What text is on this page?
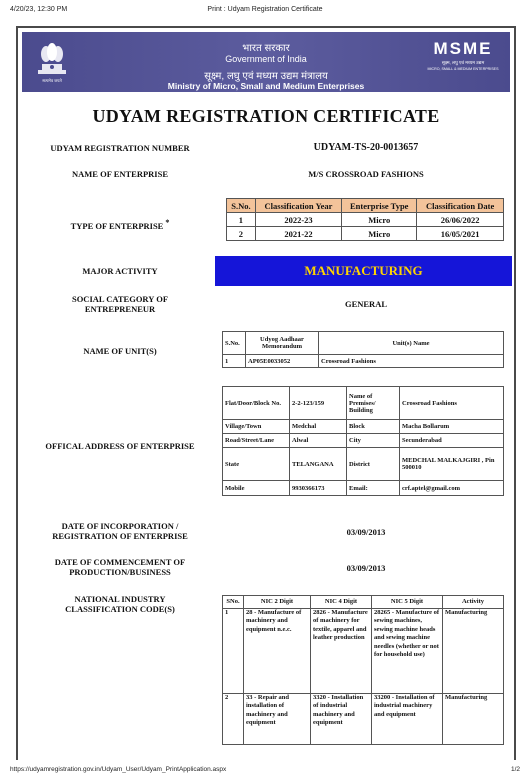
4/20/23, 12:30 PM	Print : Udyam Registration Certificate
सत्यमेव जयते
भारत सरकार
Government of India
सूक्ष्म, लघु एवं मध्यम उद्यम मंत्रालय
Ministry of Micro, Small and Medium Enterprises
MSME
सूक्ष्म, लघु एवं मध्यम उद्यम
MICRO, SMALL & MEDIUM ENTERPRISES
UDYAM REGISTRATION CERTIFICATE
UDYAM REGISTRATION NUMBER	UDYAM-TS-20-0013657
NAME OF ENTERPRISE	M/S CROSSROAD FASHIONS
TYPE OF ENTERPRISE *
S.No.	Classification Year	Enterprise Type	Classification Date
1	2022-23	Micro	26/06/2022
2	2021-22	Micro	16/05/2021
MAJOR ACTIVITY	MANUFACTURING
SOCIAL CATEGORY OF
ENTREPRENEUR	GENERAL
NAME OF UNIT(S)
S.No.	Udyog Aadhaar Memorandum	Unit(s) Name
1	AP05E0033052	Crossroad Fashions
OFFICAL ADDRESS OF ENTERPRISE
Flat/Door/Block No.	2-2-123/159	Name of Premises/ Building	Crossroad Fashions
Village/Town	Medchal	Block	Macha Bollarum
Road/Street/Lane	Alwal	City	Secunderabad
State	TELANGANA	District	MEDCHAL MALKAJGIRI , Pin 500010
Mobile	9930366173	Email:	crf.aptel@gmail.com
DATE OF INCORPORATION /
REGISTRATION OF ENTERPRISE	03/09/2013
DATE OF COMMENCEMENT OF
PRODUCTION/BUSINESS	03/09/2013
NATIONAL INDUSTRY
CLASSIFICATION CODE(S)
SNo.	NIC 2 Digit	NIC 4 Digit	NIC 5 Digit	Activity
1	28 - Manufacture of machinery and equipment n.e.c.	2826 - Manufacture of machinery for textile, apparel and leather production	28265 - Manufacture of sewing machines, sewing machine heads and sewing machine needles (whether or not for household use)	Manufacturing
2	33 - Repair and installation of machinery and equipment	3320 - Installation of industrial machinery and equipment	33200 - Installation of industrial machinery and equipment	Manufacturing
https://udyamregistration.gov.in/Udyam_User/Udyam_PrintApplication.aspx	1/2
